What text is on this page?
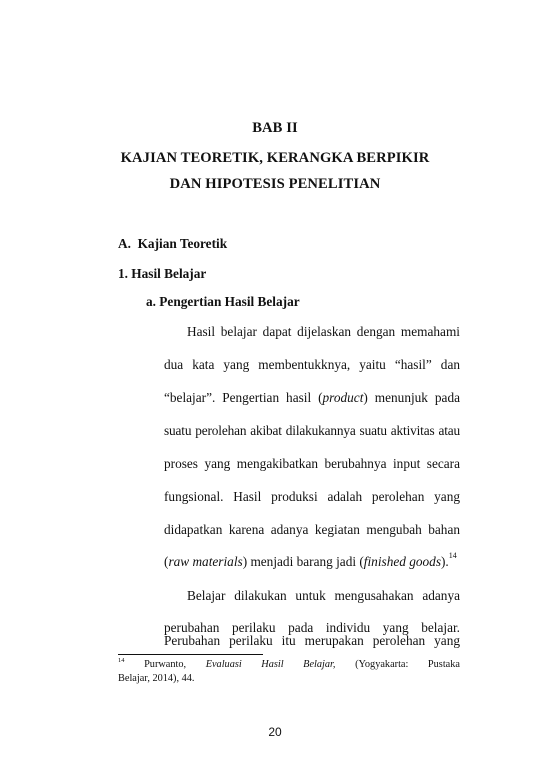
BAB II
KAJIAN TEORETIK, KERANGKA BERPIKIR
DAN HIPOTESIS PENELITIAN
A.  Kajian Teoretik
1. Hasil Belajar
a. Pengertian Hasil Belajar
Hasil belajar dapat dijelaskan dengan memahami
dua kata yang membentukknya, yaitu “hasil” dan
“belajar”. Pengertian hasil (product) menunjuk pada
suatu perolehan akibat dilakukannya suatu aktivitas atau
proses yang mengakibatkan berubahnya input secara
fungsional. Hasil produksi adalah perolehan yang
didapatkan karena adanya kegiatan mengubah bahan
(raw materials) menjadi barang jadi (finished goods).$^{14}$
Belajar dilakukan untuk mengusahakan adanya
perubahan perilaku pada individu yang belajar.
Perubahan perilaku itu merupakan perolehan yang
$^{14}$ Purwanto, Evaluasi Hasil Belajar, (Yogyakarta: Pustaka
Belajar, 2014), 44.
20
